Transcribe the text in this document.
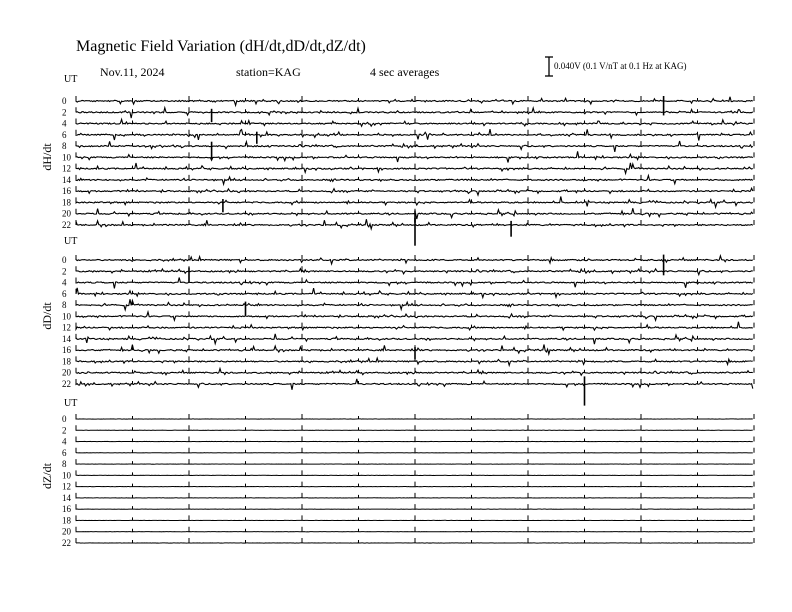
Magnetic Field Variation (dH/dt,dD/dt,dZ/dt)
Nov.11, 2024	station=KAG	4 sec averages	0.040V (0.1 V/nT at 0.1 Hz at KAG)
dH/dt
UT
0
2
4
6
8
10
12
14
16
18
20
22
dD/dt
UT
0
2
4
6
8
10
12
14
16
18
20
22
dZ/dt
UT
0
2
4
6
8
10
12
14
16
18
20
22
